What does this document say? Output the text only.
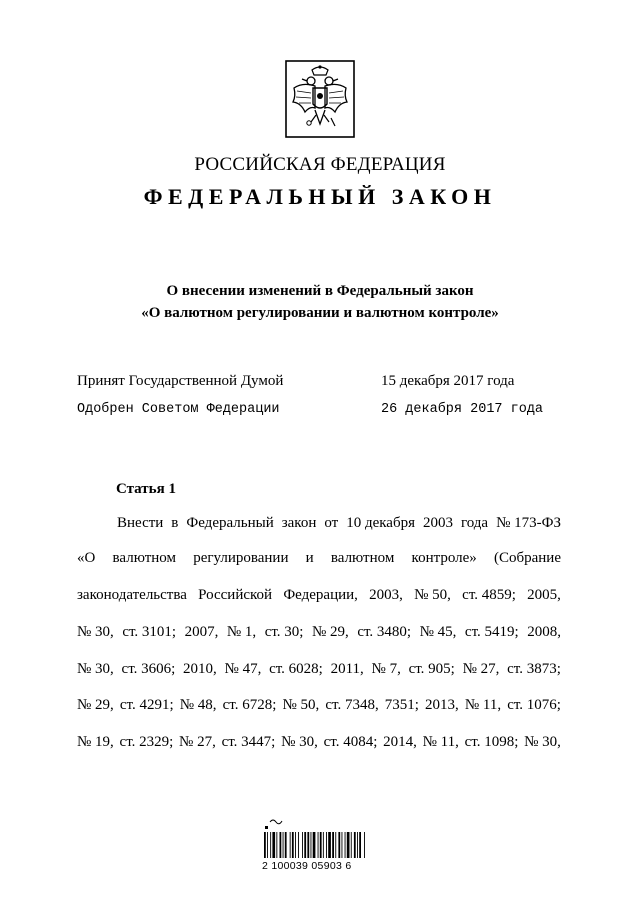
РОССИЙСКАЯ ФЕДЕРАЦИЯ
ФЕДЕРАЛЬНЫЙ ЗАКОН
О внесении изменений в Федеральный закон
«О валютном регулировании и валютном контроле»
Принят Государственной Думой	15 декабря 2017 года
Одобрен Советом Федерации	26 декабря 2017 года
Статья 1
Внести в Федеральный закон от 10 декабря 2003 года № 173-ФЗ
«О валютном регулировании и валютном контроле» (Собрание
законодательства Российской Федерации, 2003, № 50, ст. 4859; 2005,
№ 30, ст. 3101; 2007, № 1, ст. 30; № 29, ст. 3480; № 45, ст. 5419; 2008,
№ 30, ст. 3606; 2010, № 47, ст. 6028; 2011, № 7, ст. 905; № 27, ст. 3873;
№ 29, ст. 4291; № 48, ст. 6728; № 50, ст. 7348, 7351; 2013, № 11, ст. 1076;
№ 19, ст. 2329; № 27, ст. 3447; № 30, ст. 4084; 2014, № 11, ст. 1098; № 30,
2 100039 05903 6
